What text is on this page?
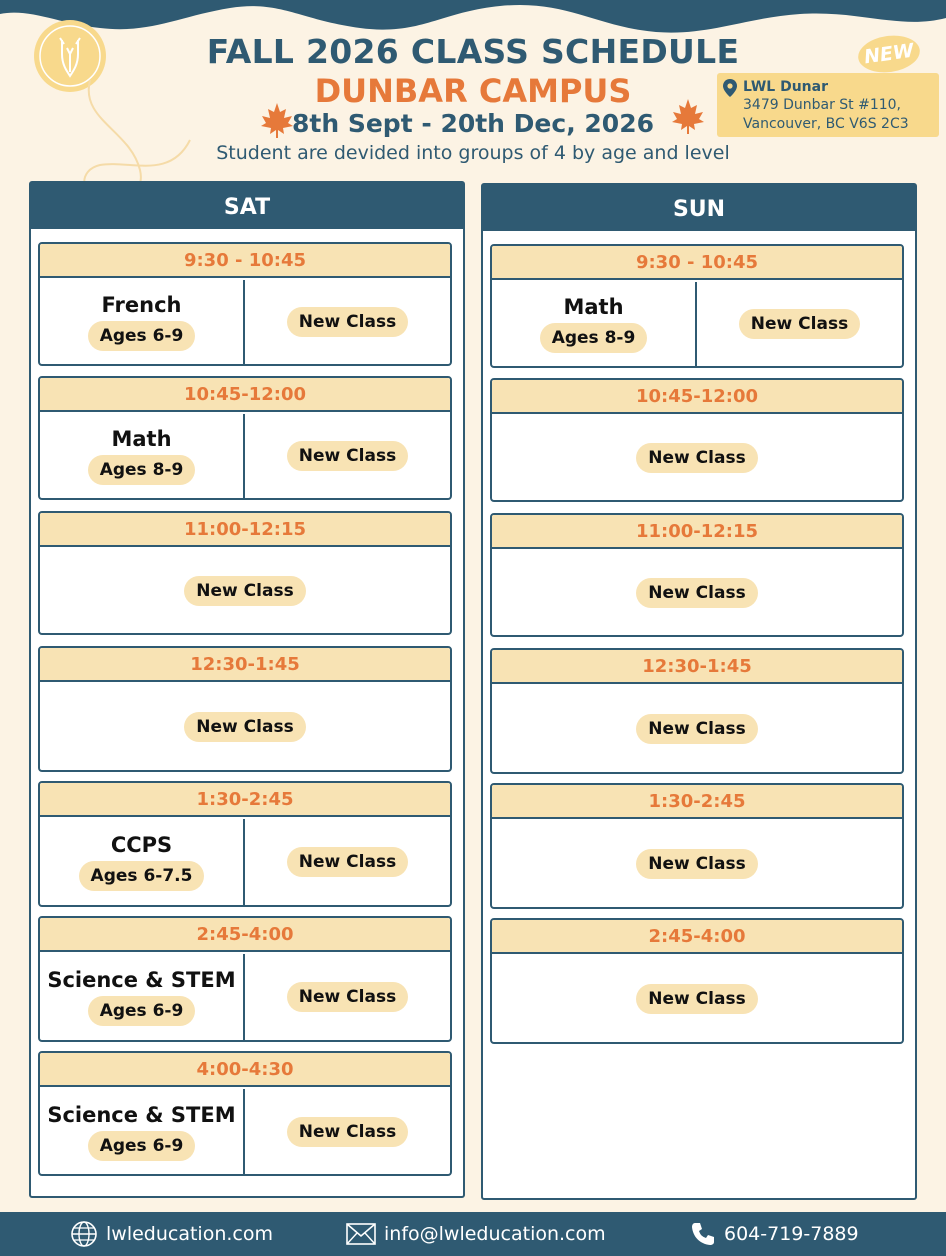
FALL 2026 CLASS SCHEDULE
DUNBAR CAMPUS
8th Sept - 20th Dec, 2026
Student are devided into groups of 4 by age and level
NEW
LWL Dunar
3479 Dunbar St #110,
Vancouver, BC V6S 2C3
SAT	SUN
9:30 - 10:45
French
Ages 6-9
New Class
10:45-12:00
Math
Ages 8-9
New Class
11:00-12:15
New Class
12:30-1:45
New Class
1:30-2:45
CCPS
Ages 6-7.5
New Class
2:45-4:00
Science & STEM
Ages 6-9
New Class
4:00-4:30
Science & STEM
Ages 6-9
New Class
9:30 - 10:45
Math
Ages 8-9
New Class
10:45-12:00
New Class
11:00-12:15
New Class
12:30-1:45
New Class
1:30-2:45
New Class
2:45-4:00
New Class
lwleducation.com	info@lwleducation.com	604-719-7889
